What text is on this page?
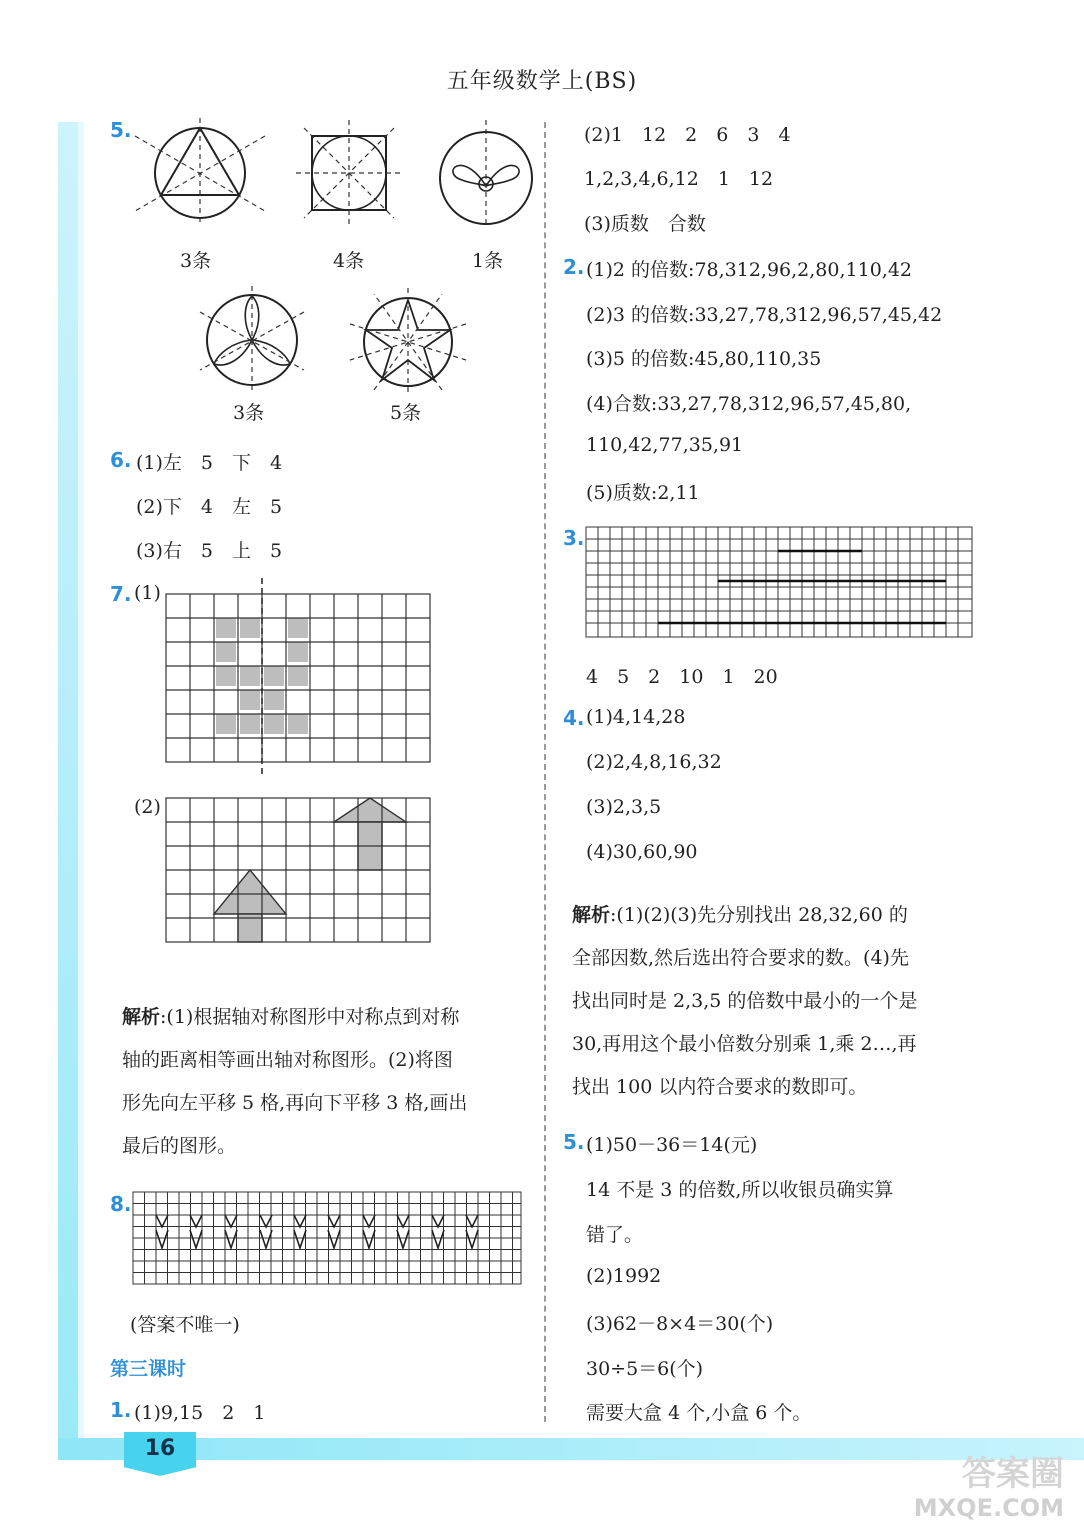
五年级数学上(BS)
16
5.
3条	4条	1条
3条	5条
6. (1)左　5　下　4
(2)下　4　左　5
(3)右　5　上　5
7. (1)
(2)
解析:(1)根据轴对称图形中对称点到对称
轴的距离相等画出轴对称图形。(2)将图
形先向左平移 5 格,再向下平移 3 格,画出
最后的图形。
8.
(答案不唯一)
第三课时
1. (1)9,15　2　1
(2)1　12　2　6　3　4
1,2,3,4,6,12　1　12
(3)质数　合数
2. (1)2 的倍数:78,312,96,2,80,110,42
(2)3 的倍数:33,27,78,312,96,57,45,42
(3)5 的倍数:45,80,110,35
(4)合数:33,27,78,312,96,57,45,80,
110,42,77,35,91
(5)质数:2,11
3.
4　5　2　10　1　20
4. (1)4,14,28
(2)2,4,8,16,32
(3)2,3,5
(4)30,60,90
解析:(1)(2)(3)先分别找出 28,32,60 的
全部因数,然后选出符合要求的数。(4)先
找出同时是 2,3,5 的倍数中最小的一个是
30,再用这个最小倍数分别乘 1,乘 2…,再
找出 100 以内符合要求的数即可。
5. (1)50－36＝14(元)
14 不是 3 的倍数,所以收银员确实算
错了。
(2)1992
(3)62－8×4＝30(个)
30÷5＝6(个)
需要大盒 4 个,小盒 6 个。
答案圈
MXQE.COM
